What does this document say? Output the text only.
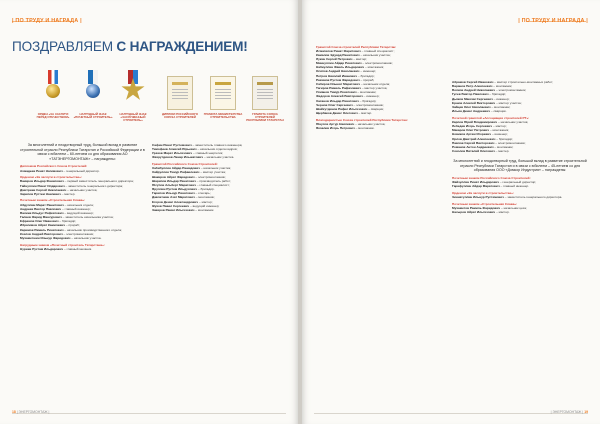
| ПО ТРУДУ И НАГРАДА |	| ПО ТРУДУ И НАГРАДА |
ПОЗДРАВЛЯЕМ С НАГРАЖДЕНИЕМ!
ОРДЕН «ЗА ЗАСЛУГИ ПЕРЕД ОТЕЧЕСТВОМ»
НАГРУДНЫЙ ЗНАК «ПОЧЕТНЫЙ СТРОИТЕЛЬ»
НАГРУДНЫЙ ЗНАК «ЗАСЛУЖЕННЫЙ СТРОИТЕЛЬ»
ДИПЛОМ РОССИЙСКОГО СОЮЗА СТРОИТЕЛЕЙ
ГРАМОТА МИНИСТЕРСТВА СТРОИТЕЛЬСТВА
ГРАМОТА СОЮЗА СТРОИТЕЛЕЙ РЕСПУБЛИКИ ТАТАРСТАН
За многолетний и плодотворный труд, большой вклад в развитие строительной отрасли Республики Татарстан и Российской Федерации и в связи с юбилеем – 60-летием со дня образования АО «ТАТЭНЕРГОМОНТАЖ» – награждены:
Дипломом Российского Союза Строителей:

Ахмадеев Ренат Нагимович – генеральный директор.

Орденом «За заслуги в строительстве»:

Бакиров Ильдар Фанисович – первый заместитель генерального директора;

Гайнуллин Ринат Илдарович – заместитель генерального директора;

Дмитриев Сергей Николаевич – начальник участка;

Зарипов Рустем Наилевич – мастер.

Почетным знаком «Строительная Слава»:

Абдуллин Марат Рашитович – начальник отдела;

Андреев Виктор Павлович – главный инженер;

Валиев Ильдус Рифкатович – ведущий инженер;

Галиев Фарид Мансурович – заместитель начальника участка;

Ефремов Олег Иванович – бригадир;

Ибрагимов Айрат Камилевич – прораб;

Каримов Рамиль Ринатович – начальник производственного отдела;

Козлов Андрей Викторович – электромонтажник;

Мухаметшин Ильнур Фаридович – начальник участка.

Нагрудным знаком «Почетный строитель Татарстана»:

Нуриев Рустам Ильдарович – главный механик.

Сафин Ринат Рустемович – заместитель главного инженера;

Тимофеев Алексей Юрьевич – начальник отдела кадров;

Уразов Марат Ильгизович – главный энергетик;

Фахрутдинов Ленар Ильшатович – начальник участка.

Грамотой Российского Союза Строителей:

Хабибуллин Айдар Рашидович – начальник участка;

Хайруллин Тимур Рафаилевич – мастер участка;

Шакиров Айрат Фаридович – электромонтажник;

Шарипов Ильдар Ренатович – производитель работ;

Юсупов Альберт Маратович – главный специалист;

Яруллин Рустем Ильдусович – бригадир.

Гарипов Ильнур Ринатович – слесарь;

Давлетшин Азат Маратович – монтажник;

Егоров Денис Александрович – мастер;

Жуков Павел Сергеевич – ведущий инженер;

Закиров Рамис Ильгизович – монтажник.

Грамотой Союза строителей Республики Татарстан:

Исмагилов Ринат Фаритович – главный специалист;

Камалов Эдуард Рашитович – начальник участка;

Лукин Сергей Петрович – мастер;

Миннуллин Айдар Ринатович – электромонтажник;

Набиуллин Фаиль Ильдарович – монтажник;

Осипов Андрей Николаевич – инженер;

Петров Николай Иванович – бригадир;

Рахимов Рустем Фаридович – прораб;

Сабиров Ильшат Маратович – начальник отдела;

Тагиров Рамиль Рафаэлевич – мастер участка;

Усманов Тимур Ренатович – монтажник;

Федоров Алексей Викторович – инженер;

Хасанов Ильдар Ринатович – бригадир;

Чернов Олег Сергеевич – электромонтажник;

Шайхутдинов Рафис Ильгизович – сварщик;

Щербаков Денис Олегович – мастер.

Благодарностью Союза строителей Республики Татарстан:

Юнусов Артур Наилевич – начальник участка;

Яковлев Игорь Петрович – монтажник.

Абрамов Сергей Иванович – мастер строительно-монтажных работ;

Баранов Петр Алексеевич – монтажник;

Волков Андрей Николаевич – электромонтажник;

Гусев Виктор Павлович – бригадир;

Дьяков Максим Сергеевич – инженер;

Ершов Алексей Викторович – мастер участка;

Зайцев Олег Николаевич – монтажник;

Ильин Денис Андреевич – сварщик.

Почетной грамотой «Ассоциации строителей РТ»:

Карпов Юрий Владимирович – начальник участка;

Лебедев Игорь Сергеевич – мастер;

Макаров Олег Петрович – монтажник;

Новиков Артем Игоревич – инженер;

Орлов Дмитрий Алексеевич – бригадир;

Павлов Сергей Викторович – электромонтажник;

Романов Антон Андреевич – монтажник;

Соколов Виталий Олегович – мастер.

За многолетний и плодотворный труд, большой вклад в развитие строительной отрасли Республики Татарстан и в связи с юбилеем – 45-летием со дня образования ООО «Домкор Индустрия» – награждены:
Почетным знаком Российского Союза Строителей:

Файзуллин Ринат Ильдарович – генеральный директор;

Гарифуллин Айдар Маратович – главный инженер.

Орденом «За заслуги в строительстве»:

Зиннатуллин Ильнур Рустемович – заместитель генерального директора.

Почетным знаком «Строительная Слава»:

Мухаметов Рамиль Фаридович – начальник цеха;

Насыров Айрат Ильгизович – мастер.

18 | ЭНЕРГОМОНТАЖ |	| ЭНЕРГОМОНТАЖ | 19
